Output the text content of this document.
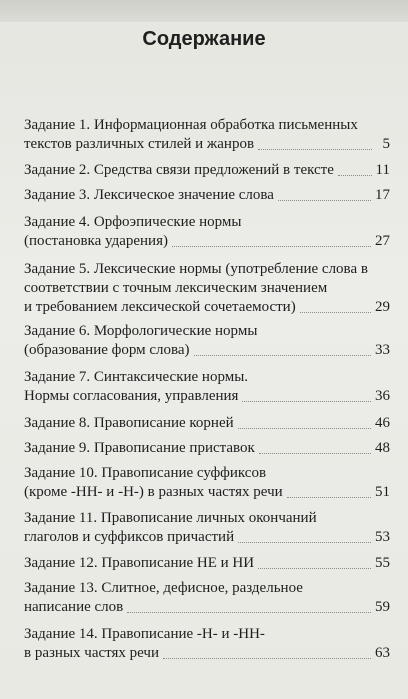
Содержание
Задание 1. Информационная обработка письменных
текстов различных стилей и жанров	5
Задание 2. Средства связи предложений в тексте	11
Задание 3. Лексическое значение слова	17
Задание 4. Орфоэпические нормы
(постановка ударения)	27
Задание 5. Лексические нормы (употребление слова в
соответствии с точным лексическим значением
и требованием лексической сочетаемости)	29
Задание 6. Морфологические нормы
(образование форм слова)	33
Задание 7. Синтаксические нормы.
Нормы согласования, управления	36
Задание 8. Правописание корней	46
Задание 9. Правописание приставок	48
Задание 10. Правописание суффиксов
(кроме -НН- и -Н-) в разных частях речи	51
Задание 11. Правописание личных окончаний
глаголов и суффиксов причастий	53
Задание 12. Правописание НЕ и НИ	55
Задание 13. Слитное, дефисное, раздельное
написание слов	59
Задание 14. Правописание -Н- и -НН-
в разных частях речи	63
